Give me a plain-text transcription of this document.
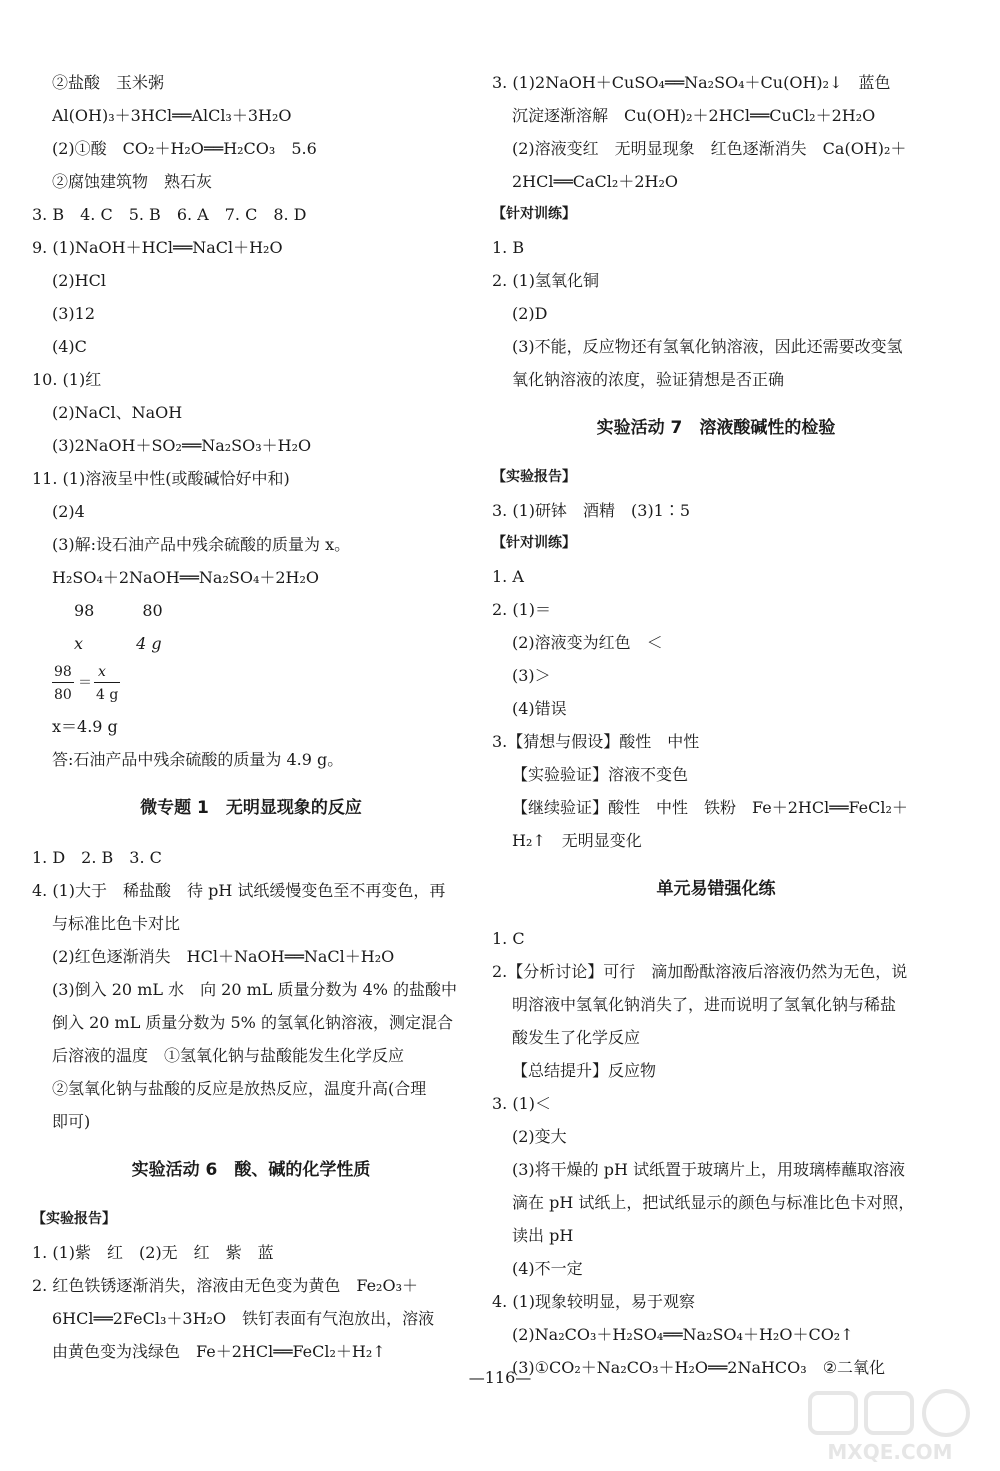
②盐酸　玉米粥
Al(OH)₃＋3HCl══AlCl₃＋3H₂O
(2)①酸　CO₂＋H₂O══H₂CO₃　5.6
②腐蚀建筑物　熟石灰
3. B　4. C　5. B　6. A　7. C　8. D
9. (1)NaOH＋HCl══NaCl＋H₂O
(2)HCl
(3)12
(4)C
10. (1)红
(2)NaCl、NaOH
(3)2NaOH＋SO₂══Na₂SO₃＋H₂O
11. (1)溶液呈中性(或酸碱恰好中和)
(2)4
(3)解:设石油产品中残余硫酸的质量为 x。
H₂SO₄＋2NaOH══Na₂SO₄＋2H₂O
98　　　80
x　　　 4 g
98
80
＝
x
4 g
x＝4.9 g
答:石油产品中残余硫酸的质量为 4.9 g。
微专题 1　无明显现象的反应
1. D　2. B　3. C
4. (1)大于　稀盐酸　待 pH 试纸缓慢变色至不再变色，再
与标准比色卡对比
(2)红色逐渐消失　HCl＋NaOH══NaCl＋H₂O
(3)倒入 20 mL 水　向 20 mL 质量分数为 4% 的盐酸中
倒入 20 mL 质量分数为 5% 的氢氧化钠溶液，测定混合
后溶液的温度　①氢氧化钠与盐酸能发生化学反应
②氢氧化钠与盐酸的反应是放热反应，温度升高(合理
即可)
实验活动 6　酸、碱的化学性质
【实验报告】
1. (1)紫　红　(2)无　红　紫　蓝
2. 红色铁锈逐渐消失，溶液由无色变为黄色　Fe₂O₃＋
6HCl══2FeCl₃＋3H₂O　铁钉表面有气泡放出，溶液
由黄色变为浅绿色　Fe＋2HCl══FeCl₂＋H₂↑
3. (1)2NaOH＋CuSO₄══Na₂SO₄＋Cu(OH)₂↓　蓝色
沉淀逐渐溶解　Cu(OH)₂＋2HCl══CuCl₂＋2H₂O
(2)溶液变红　无明显现象　红色逐渐消失　Ca(OH)₂＋
2HCl══CaCl₂＋2H₂O
【针对训练】
1. B
2. (1)氢氧化铜
(2)D
(3)不能，反应物还有氢氧化钠溶液，因此还需要改变氢
氧化钠溶液的浓度，验证猜想是否正确
实验活动 7　溶液酸碱性的检验
【实验报告】
3. (1)研钵　酒精　(3)1∶5
【针对训练】
1. A
2. (1)＝
(2)溶液变为红色　＜
(3)＞
(4)错误
3.【猜想与假设】酸性　中性
【实验验证】溶液不变色
【继续验证】酸性　中性　铁粉　Fe＋2HCl══FeCl₂＋
H₂↑　无明显变化
单元易错强化练
1. C
2.【分析讨论】可行　滴加酚酞溶液后溶液仍然为无色，说
明溶液中氢氧化钠消失了，进而说明了氢氧化钠与稀盐
酸发生了化学反应
【总结提升】反应物
3. (1)＜
(2)变大
(3)将干燥的 pH 试纸置于玻璃片上，用玻璃棒蘸取溶液
滴在 pH 试纸上，把试纸显示的颜色与标准比色卡对照，
读出 pH
(4)不一定
4. (1)现象较明显，易于观察
(2)Na₂CO₃＋H₂SO₄══Na₂SO₄＋H₂O＋CO₂↑
(3)①CO₂＋Na₂CO₃＋H₂O══2NaHCO₃　②二氧化
—116—
MXQE.COM
